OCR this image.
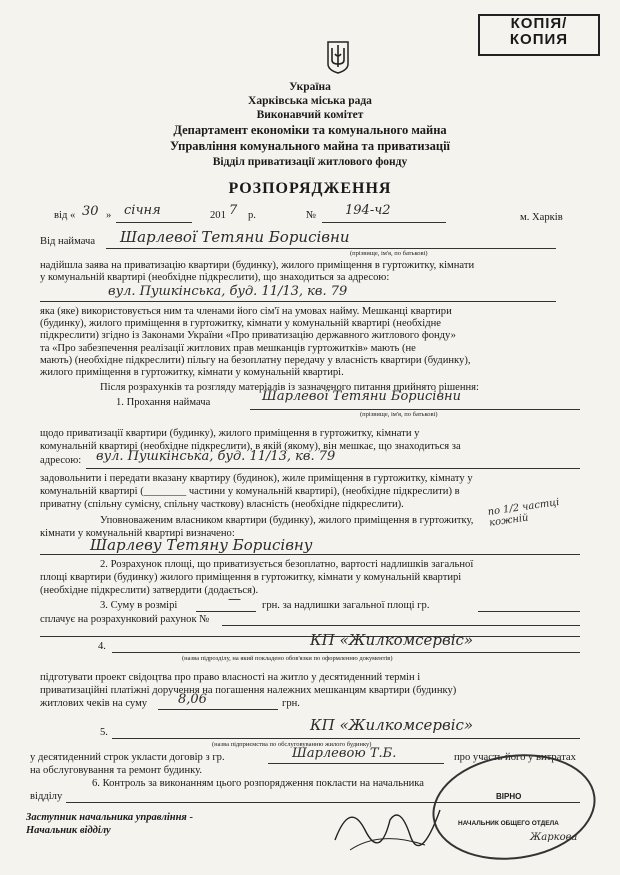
КОПІЯ/
КОПИЯ
Україна
Харківська міська рада
Виконавчий комітет
Департамент економіки та комунального майна
Управління комунального майна та приватизації
Відділ приватизації житлового фонду
РОЗПОРЯДЖЕННЯ
від « 30 » січня	201 7 р.	№ 194-ч2	м. Харків
Від наймача Шарлевої Тетяни Борисівни
(прізвище, ім'я, по батькові)
надійшла заява на приватизацію квартири (будинку), жилого приміщення в гуртожитку, кімнати
у комунальній квартирі (необхідне підкреслити), що знаходиться за адресою:
вул. Пушкінська, буд. 11/13, кв. 79
яка (яке) використовується ним та членами його сім'ї на умовах найму. Мешканці квартири
(будинку), жилого приміщення в гуртожитку, кімнати у комунальній квартирі (необхідне
підкреслити) згідно із Законами України «Про приватизацію державного житлового фонду»
та «Про забезпечення реалізації житлових прав мешканців гуртожитків» мають (не
мають) (необхідне підкреслити) пільгу на безоплатну передачу у власність квартири (будинку),
жилого приміщення в гуртожитку, кімнати у комунальній квартирі.
Після розрахунків та розгляду матеріалів із зазначеного питання прийнято рішення:
1. Прохання наймача	Шарлевої Тетяни Борисівни
(прізвище, ім'я, по батькові)
щодо приватизації квартири (будинку), жилого приміщення в гуртожитку, кімнати у
комунальній квартирі (необхідне підкреслити), в якій (якому), він мешкає, що знаходиться за
адресою: вул. Пушкінська, буд. 11/13, кв. 79
задовольнити і передати вказану квартиру (будинок), жиле приміщення в гуртожитку, кімнату у
комунальній квартирі (________ частини у комунальній квартирі), (необхідне підкреслити) в
приватну (спільну сумісну, спільну часткову) власність (необхідне підкреслити).	по 1/2 частці кожній
Уповноваженим власником квартири (будинку), жилого приміщення в гуртожитку,
кімнати у комунальній квартирі визначено:
Шарлеву Тетяну Борисівну
2. Розрахунок площі, що приватизується безоплатно, вартості надлишків загальної
площі квартири (будинку) жилого приміщення в гуртожитку, кімнати у комунальній квартирі
(необхідне підкреслити) затвердити (додається).
3. Суму в розмірі	— грн. за надлишки загальної площі гр.
сплачує на розрахунковий рахунок №
4.	КП «Жилкомсервіс»
(назва підрозділу, на який покладено обов'язки по оформленню документів)
підготувати проект свідоцтва про право власності на житло у десятиденний термін і
приватизаційні платіжні доручення на погашення належних мешканцям квартири (будинку)
житлових чеків на суму 8,06	грн.
5.	КП «Жилкомсервіс»
(назва підприємства по обслуговуванню жилого будинку)
у десятиденний строк укласти договір з гр.	Шарлевою Т.Б.	про участь його у витратах
на обслуговування та ремонт будинку.
6. Контроль за виконанням цього розпорядження покласти на начальника
відділу
Заступник начальника управління -
Начальник відділу
ВІРНО
НАЧАЛЬНИК ОБЩЕГО ОТДЕЛА
Жаркова
